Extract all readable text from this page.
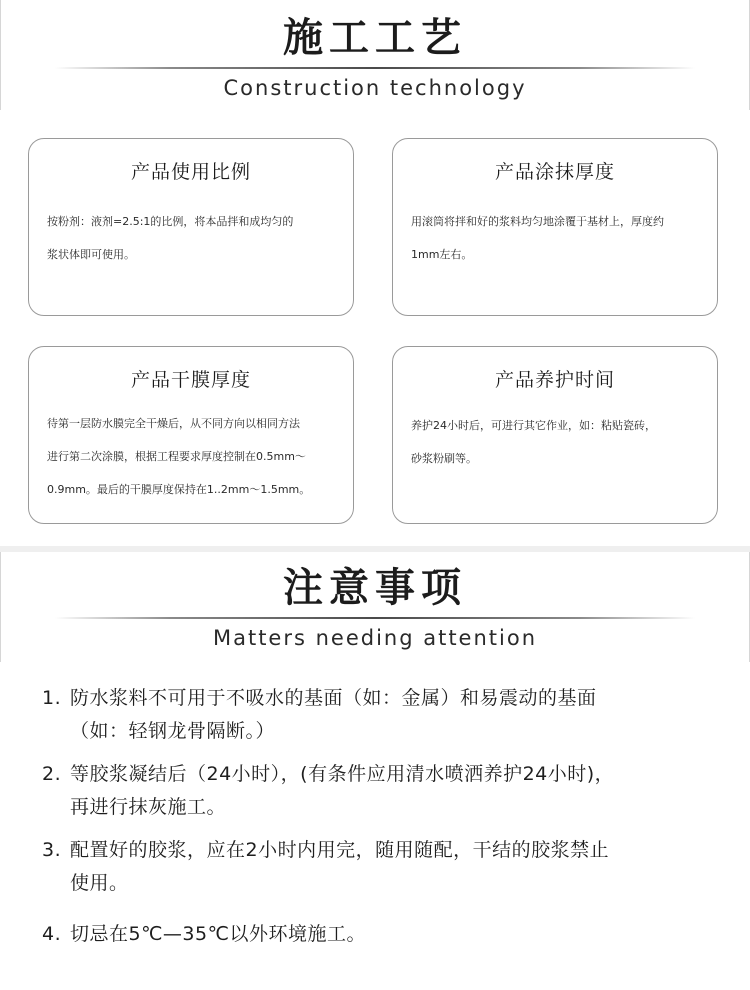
施工工艺
Construction technology
产品使用比例
按粉剂：液剂=2.5:1的比例，将本品拌和成均匀的
浆状体即可使用。
产品涂抹厚度
用滚筒将拌和好的浆料均匀地涂覆于基材上，厚度约
1mm左右。
产品干膜厚度
待第一层防水膜完全干燥后，从不同方向以相同方法
进行第二次涂膜，根据工程要求厚度控制在0.5mm～
0.9mm。最后的干膜厚度保持在1..2mm～1.5mm。
产品养护时间
养护24小时后，可进行其它作业，如：粘贴瓷砖，
砂浆粉刷等。
注意事项
Matters needing attention
1. 防水浆料不可用于不吸水的基面（如：金属）和易震动的基面
（如：轻钢龙骨隔断。）
2. 等胶浆凝结后（24小时），(有条件应用清水喷洒养护24小时)，
再进行抹灰施工。
3. 配置好的胶浆，应在2小时内用完，随用随配，干结的胶浆禁止
使用。
4. 切忌在5℃—35℃以外环境施工。
